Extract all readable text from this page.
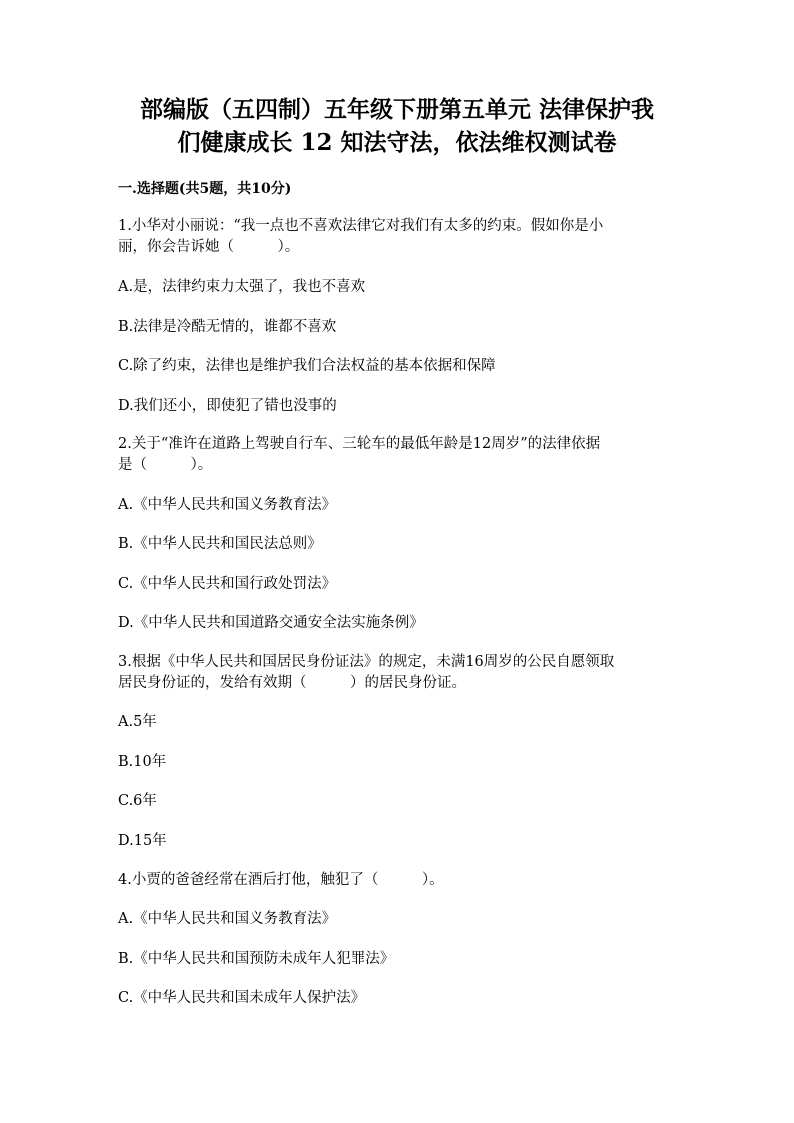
部编版（五四制）五年级下册第五单元 法律保护我
们健康成长 12 知法守法，依法维权测试卷
一.选择题(共5题，共10分)
1.小华对小丽说：“我一点也不喜欢法律它对我们有太多的约束。假如你是小
丽，你会告诉她（　　　）。
A.是，法律约束力太强了，我也不喜欢
B.法律是冷酷无情的，谁都不喜欢
C.除了约束，法律也是维护我们合法权益的基本依据和保障
D.我们还小，即使犯了错也没事的
2.关于“准许在道路上驾驶自行车、三轮车的最低年龄是12周岁”的法律依据
是（　　　）。
A.《中华人民共和国义务教育法》
B.《中华人民共和国民法总则》
C.《中华人民共和国行政处罚法》
D.《中华人民共和国道路交通安全法实施条例》
3.根据《中华人民共和国居民身份证法》的规定，未满16周岁的公民自愿领取
居民身份证的，发给有效期（　　　）的居民身份证。
A.5年
B.10年
C.6年
D.15年
4.小贾的爸爸经常在酒后打他，触犯了（　　　）。
A.《中华人民共和国义务教育法》
B.《中华人民共和国预防未成年人犯罪法》
C.《中华人民共和国未成年人保护法》
